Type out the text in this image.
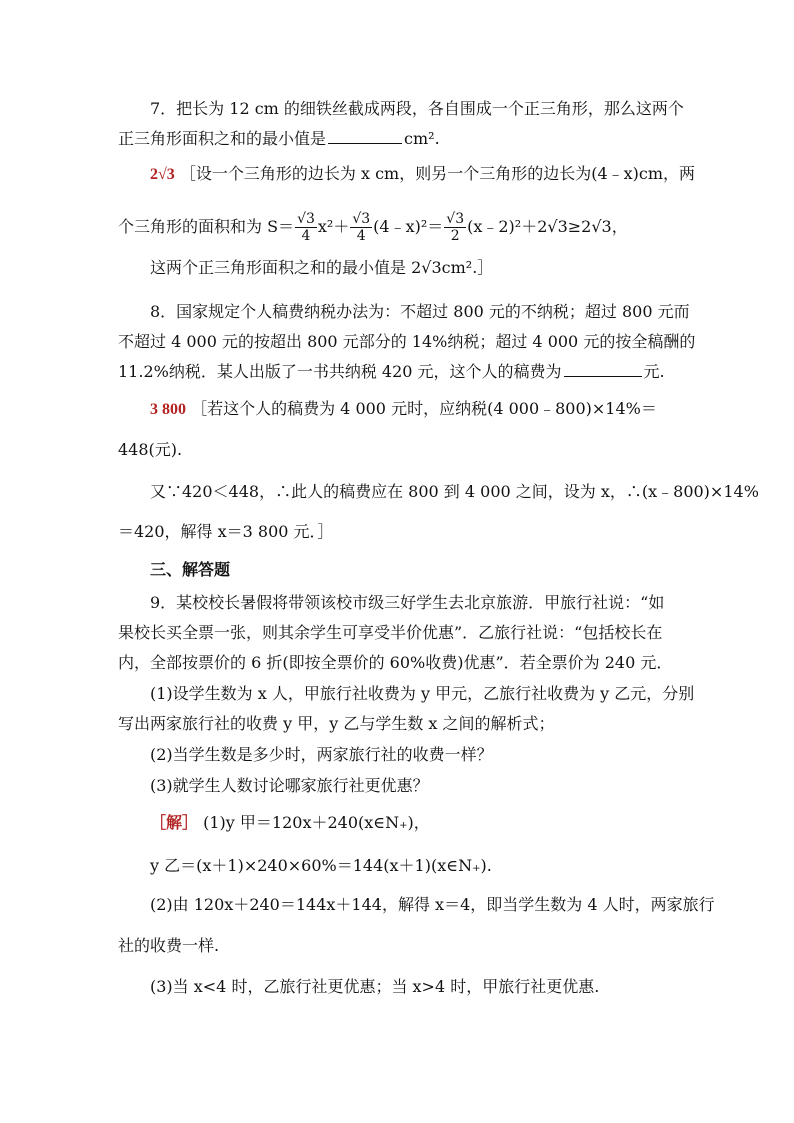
7．把长为 12 cm 的细铁丝截成两段，各自围成一个正三角形，那么这两个
正三角形面积之和的最小值是	cm².
2√3 ［设一个三角形的边长为 x cm，则另一个三角形的边长为(4﹣x)cm，两
个三角形的面积和为 $S= \frac{√3}{4} x^2+ \frac{√3}{4}$ (4﹣x)²＝ $\frac{√3}{2}$ (x﹣2)²＋2√3≥2√3，
这两个正三角形面积之和的最小值是 2√3cm².］
8．国家规定个人稿费纳税办法为：不超过 800 元的不纳税；超过 800 元而
不超过 4 000 元的按超出 800 元部分的 14%纳税；超过 4 000 元的按全稿酬的
11.2%纳税．某人出版了一书共纳税 420 元，这个人的稿费为	元.
3 800 ［若这个人的稿费为 4 000 元时，应纳税(4 000﹣800)×14%＝
448(元).
又∵420＜448，∴此人的稿费应在 800 到 4 000 之间，设为 x，∴(x﹣800)×14%
＝420，解得 x＝3 800 元．］
三、解答题
9．某校校长暑假将带领该校市级三好学生去北京旅游．甲旅行社说：“如
果校长买全票一张，则其余学生可享受半价优惠”．乙旅行社说：“包括校长在
内，全部按票价的 6 折(即按全票价的 60%收费)优惠”．若全票价为 240 元．
(1)设学生数为 x 人，甲旅行社收费为 y 甲元，乙旅行社收费为 y 乙元，分别
写出两家旅行社的收费 y 甲，y 乙与学生数 x 之间的解析式；
(2)当学生数是多少时，两家旅行社的收费一样？
(3)就学生人数讨论哪家旅行社更优惠？
［解］ (1)y 甲＝120x＋240(x∈N₊)，
y 乙＝(x＋1)×240×60%＝144(x＋1)(x∈N₊).
(2)由 120x＋240＝144x＋144，解得 x＝4，即当学生数为 4 人时，两家旅行
社的收费一样.
(3)当 x<4 时，乙旅行社更优惠；当 x>4 时，甲旅行社更优惠.
